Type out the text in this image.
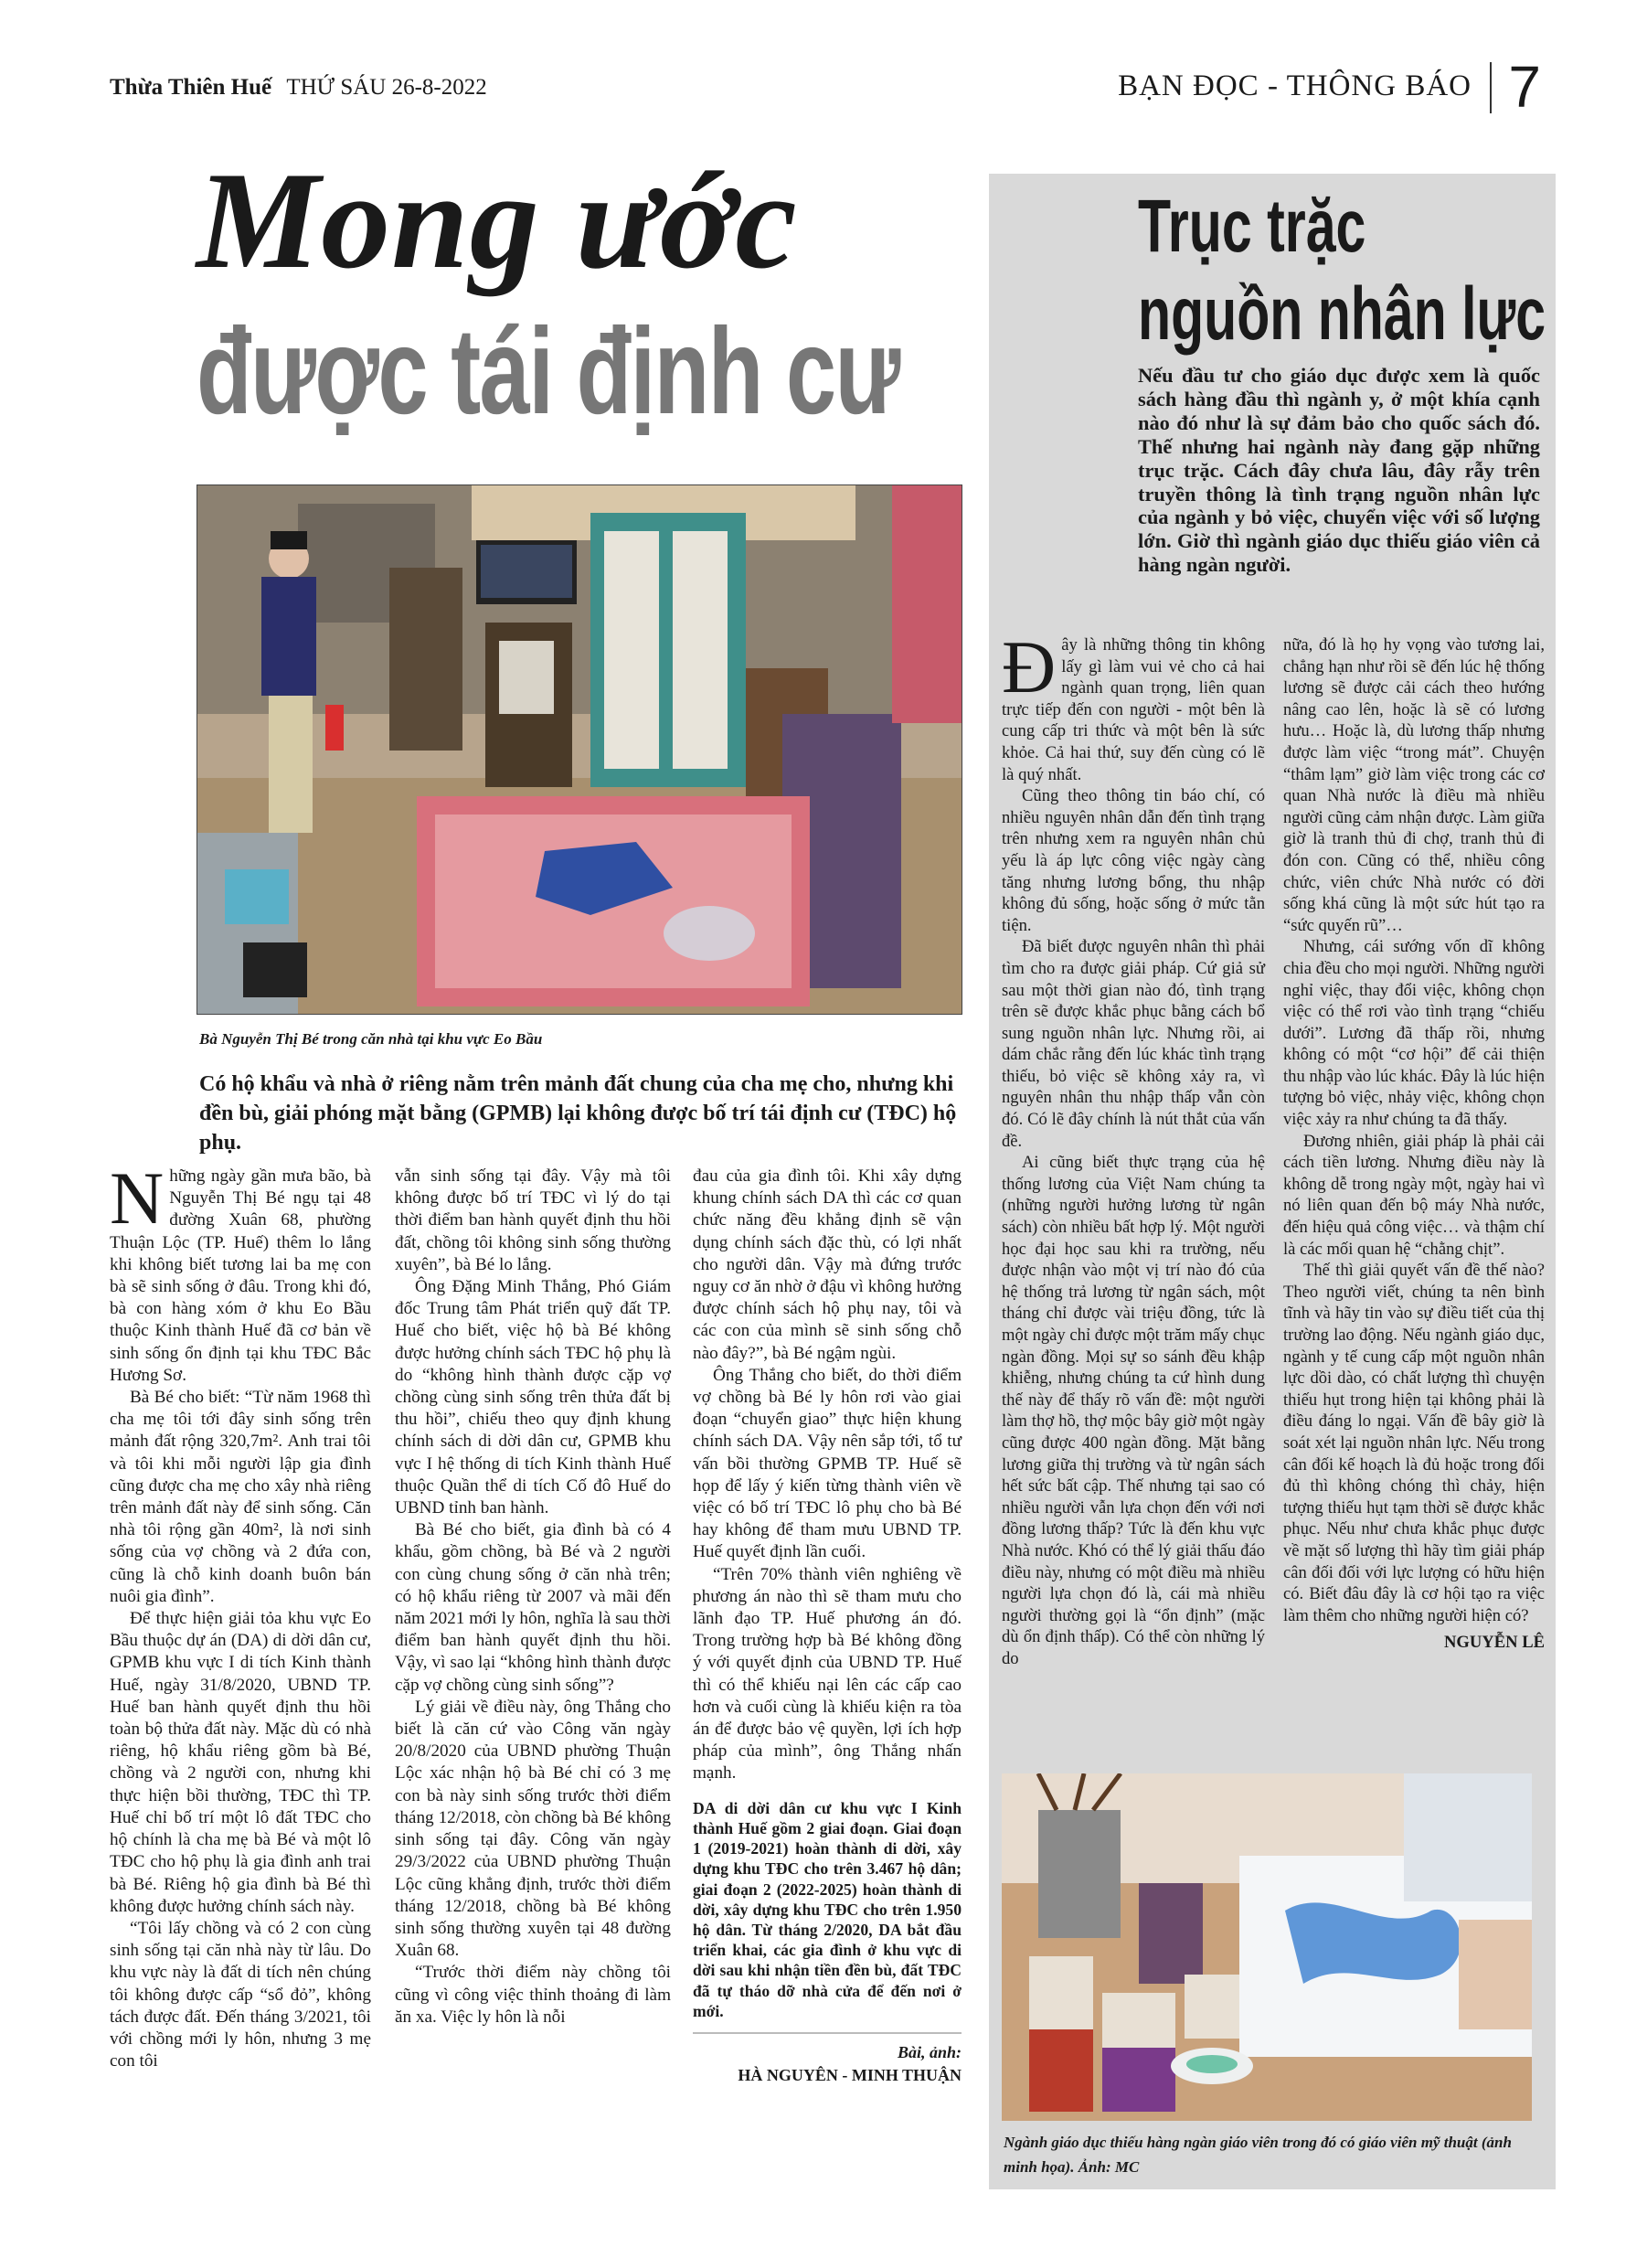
Thừa Thiên Huế THỨ SÁU 26-8-2022	BẠN ĐỌC - THÔNG BÁO 7
Mong ước
được tái định cư
Bà Nguyễn Thị Bé trong căn nhà tại khu vực Eo Bầu
Có hộ khẩu và nhà ở riêng nằm trên mảnh đất chung của cha mẹ cho, nhưng khi đền bù, giải phóng mặt bằng (GPMB) lại không được bố trí tái định cư (TĐC) hộ phụ.

Những ngày gần mưa bão, bà Nguyễn Thị Bé ngụ tại 48 đường Xuân 68, phường Thuận Lộc (TP. Huế) thêm lo lắng khi không biết tương lai ba mẹ con bà sẽ sinh sống ở đâu. Trong khi đó, bà con hàng xóm ở khu Eo Bầu thuộc Kinh thành Huế đã cơ bản về sinh sống ổn định tại khu TĐC Bắc Hương Sơ.

Bà Bé cho biết: “Từ năm 1968 thì cha mẹ tôi tới đây sinh sống trên mảnh đất rộng 320,7m². Anh trai tôi và tôi khi mỗi người lập gia đình cũng được cha mẹ cho xây nhà riêng trên mảnh đất này để sinh sống. Căn nhà tôi rộng gần 40m², là nơi sinh sống của vợ chồng và 2 đứa con, cũng là chỗ kinh doanh buôn bán nuôi gia đình”.

Để thực hiện giải tỏa khu vực Eo Bầu thuộc dự án (DA) di dời dân cư, GPMB khu vực I di tích Kinh thành Huế, ngày 31/8/2020, UBND TP. Huế ban hành quyết định thu hồi toàn bộ thửa đất này. Mặc dù có nhà riêng, hộ khẩu riêng gồm bà Bé, chồng và 2 người con, nhưng khi thực hiện bồi thường, TĐC thì TP. Huế chỉ bố trí một lô đất TĐC cho hộ chính là cha mẹ bà Bé và một lô TĐC cho hộ phụ là gia đình anh trai bà Bé. Riêng hộ gia đình bà Bé thì không được hưởng chính sách này.

“Tôi lấy chồng và có 2 con cùng sinh sống tại căn nhà này từ lâu. Do khu vực này là đất di tích nên chúng tôi không được cấp “sổ đỏ”, không tách được đất. Đến tháng 3/2021, tôi với chồng mới ly hôn, nhưng 3 mẹ con tôi

vẫn sinh sống tại đây. Vậy mà tôi không được bố trí TĐC vì lý do tại thời điểm ban hành quyết định thu hồi đất, chồng tôi không sinh sống thường xuyên”, bà Bé lo lắng.

Ông Đặng Minh Thắng, Phó Giám đốc Trung tâm Phát triển quỹ đất TP. Huế cho biết, việc hộ bà Bé không được hưởng chính sách TĐC hộ phụ là do “không hình thành được cặp vợ chồng cùng sinh sống trên thửa đất bị thu hồi”, chiếu theo quy định khung chính sách di dời dân cư, GPMB khu vực I hệ thống di tích Kinh thành Huế thuộc Quần thể di tích Cố đô Huế do UBND tỉnh ban hành.

Bà Bé cho biết, gia đình bà có 4 khẩu, gồm chồng, bà Bé và 2 người con cùng chung sống ở căn nhà trên; có hộ khẩu riêng từ 2007 và mãi đến năm 2021 mới ly hôn, nghĩa là sau thời điểm ban hành quyết định thu hồi. Vậy, vì sao lại “không hình thành được cặp vợ chồng cùng sinh sống”?

Lý giải về điều này, ông Thắng cho biết là căn cứ vào Công văn ngày 20/8/2020 của UBND phường Thuận Lộc xác nhận hộ bà Bé chỉ có 3 mẹ con bà này sinh sống trước thời điểm tháng 12/2018, còn chồng bà Bé không sinh sống tại đây. Công văn ngày 29/3/2022 của UBND phường Thuận Lộc cũng khẳng định, trước thời điểm tháng 12/2018, chồng bà Bé không sinh sống thường xuyên tại 48 đường Xuân 68.

“Trước thời điểm này chồng tôi cũng vì công việc thỉnh thoảng đi làm ăn xa. Việc ly hôn là nỗi

đau của gia đình tôi. Khi xây dựng khung chính sách DA thì các cơ quan chức năng đều khẳng định sẽ vận dụng chính sách đặc thù, có lợi nhất cho người dân. Vậy mà đứng trước nguy cơ ăn nhờ ở đậu vì không hưởng được chính sách hộ phụ nay, tôi và các con của mình sẽ sinh sống chỗ nào đây?”, bà Bé ngậm ngùi.

Ông Thắng cho biết, do thời điểm vợ chồng bà Bé ly hôn rơi vào giai đoạn “chuyển giao” thực hiện khung chính sách DA. Vậy nên sắp tới, tổ tư vấn bồi thường GPMB TP. Huế sẽ họp để lấy ý kiến từng thành viên về việc có bố trí TĐC lô phụ cho bà Bé hay không để tham mưu UBND TP. Huế quyết định lần cuối.

“Trên 70% thành viên nghiêng về phương án nào thì sẽ tham mưu cho lãnh đạo TP. Huế phương án đó. Trong trường hợp bà Bé không đồng ý với quyết định của UBND TP. Huế thì có thể khiếu nại lên các cấp cao hơn và cuối cùng là khiếu kiện ra tòa án để được bảo vệ quyền, lợi ích hợp pháp của mình”, ông Thắng nhấn mạnh.

DA di dời dân cư khu vực I Kinh thành Huế gồm 2 giai đoạn. Giai đoạn 1 (2019-2021) hoàn thành di dời, xây dựng khu TĐC cho trên 3.467 hộ dân; giai đoạn 2 (2022-2025) hoàn thành di dời, xây dựng khu TĐC cho trên 1.950 hộ dân. Từ tháng 2/2020, DA bắt đầu triển khai, các gia đình ở khu vực di dời sau khi nhận tiền đền bù, đất TĐC đã tự tháo dỡ nhà cửa để đến nơi ở mới.
Bài, ảnh:
HÀ NGUYÊN - MINH THUẬN
Trục trặc
nguồn nhân lực
Nếu đầu tư cho giáo dục được xem là quốc sách hàng đầu thì ngành y, ở một khía cạnh nào đó như là sự đảm bảo cho quốc sách đó. Thế nhưng hai ngành này đang gặp những trục trặc. Cách đây chưa lâu, đây rẫy trên truyền thông là tình trạng nguồn nhân lực của ngành y bỏ việc, chuyển việc với số lượng lớn. Giờ thì ngành giáo dục thiếu giáo viên cả hàng ngàn người.

Đây là những thông tin không lấy gì làm vui vẻ cho cả hai ngành quan trọng, liên quan trực tiếp đến con người - một bên là cung cấp tri thức và một bên là sức khỏe. Cả hai thứ, suy đến cùng có lẽ là quý nhất.

Cũng theo thông tin báo chí, có nhiều nguyên nhân dẫn đến tình trạng trên nhưng xem ra nguyên nhân chủ yếu là áp lực công việc ngày càng tăng nhưng lương bổng, thu nhập không đủ sống, hoặc sống ở mức tằn tiện.

Đã biết được nguyên nhân thì phải tìm cho ra được giải pháp. Cứ giả sử sau một thời gian nào đó, tình trạng trên sẽ được khắc phục bằng cách bổ sung nguồn nhân lực. Nhưng rồi, ai dám chắc rằng đến lúc khác tình trạng thiếu, bỏ việc sẽ không xảy ra, vì nguyên nhân thu nhập thấp vẫn còn đó. Có lẽ đây chính là nút thắt của vấn đề.

Ai cũng biết thực trạng của hệ thống lương của Việt Nam chúng ta (những người hưởng lương từ ngân sách) còn nhiều bất hợp lý. Một người học đại học sau khi ra trường, nếu được nhận vào một vị trí nào đó của hệ thống trả lương từ ngân sách, một tháng chỉ được vài triệu đồng, tức là một ngày chỉ được một trăm mấy chục ngàn đồng. Mọi sự so sánh đều khập khiễng, nhưng chúng ta cứ hình dung thế này để thấy rõ vấn đề: một người làm thợ hồ, thợ mộc bây giờ một ngày cũng được 400 ngàn đồng. Mặt bằng lương giữa thị trường và từ ngân sách hết sức bất cập. Thế nhưng tại sao có nhiều người vẫn lựa chọn đến với nơi đồng lương thấp? Tức là đến khu vực Nhà nước. Khó có thể lý giải thấu đáo điều này, nhưng có một điều mà nhiều người lựa chọn đó là, cái mà nhiều người thường gọi là “ổn định” (mặc dù ổn định thấp). Có thể còn những lý do

nữa, đó là họ hy vọng vào tương lai, chẳng hạn như rồi sẽ đến lúc hệ thống lương sẽ được cải cách theo hướng nâng cao lên, hoặc là sẽ có lương hưu… Hoặc là, dù lương thấp nhưng được làm việc “trong mát”. Chuyện “thâm lạm” giờ làm việc trong các cơ quan Nhà nước là điều mà nhiều người cũng cảm nhận được. Làm giữa giờ là tranh thủ đi chợ, tranh thủ đi đón con. Cũng có thể, nhiều công chức, viên chức Nhà nước có đời sống khá cũng là một sức hút tạo ra “sức quyến rũ”…

Nhưng, cái sướng vốn dĩ không chia đều cho mọi người. Những người nghỉ việc, thay đổi việc, không chọn việc có thể rơi vào tình trạng “chiếu dưới”. Lương đã thấp rồi, nhưng không có một “cơ hội” để cải thiện thu nhập vào lúc khác. Đây là lúc hiện tượng bỏ việc, nhảy việc, không chọn việc xảy ra như chúng ta đã thấy.

Đương nhiên, giải pháp là phải cải cách tiền lương. Nhưng điều này là không dễ trong ngày một, ngày hai vì nó liên quan đến bộ máy Nhà nước, đến hiệu quả công việc… và thậm chí là các mối quan hệ “chằng chịt”.

Thế thì giải quyết vấn đề thế nào? Theo người viết, chúng ta nên bình tĩnh và hãy tin vào sự điều tiết của thị trường lao động. Nếu ngành giáo dục, ngành y tế cung cấp một nguồn nhân lực dồi dào, có chất lượng thì chuyện thiếu hụt trong hiện tại không phải là điều đáng lo ngại. Vấn đề bây giờ là soát xét lại nguồn nhân lực. Nếu trong cân đối kế hoạch là đủ hoặc trong đối đủ thì không chóng thì chảy, hiện tượng thiếu hụt tạm thời sẽ được khắc phục. Nếu như chưa khắc phục được về mặt số lượng thì hãy tìm giải pháp cân đối đối với lực lượng có hữu hiện có. Biết đâu đây là cơ hội tạo ra việc làm thêm cho những người hiện có?

NGUYỄN LÊ
Ngành giáo dục thiếu hàng ngàn giáo viên trong đó có giáo viên mỹ thuật (ảnh minh họa). Ảnh: MC
